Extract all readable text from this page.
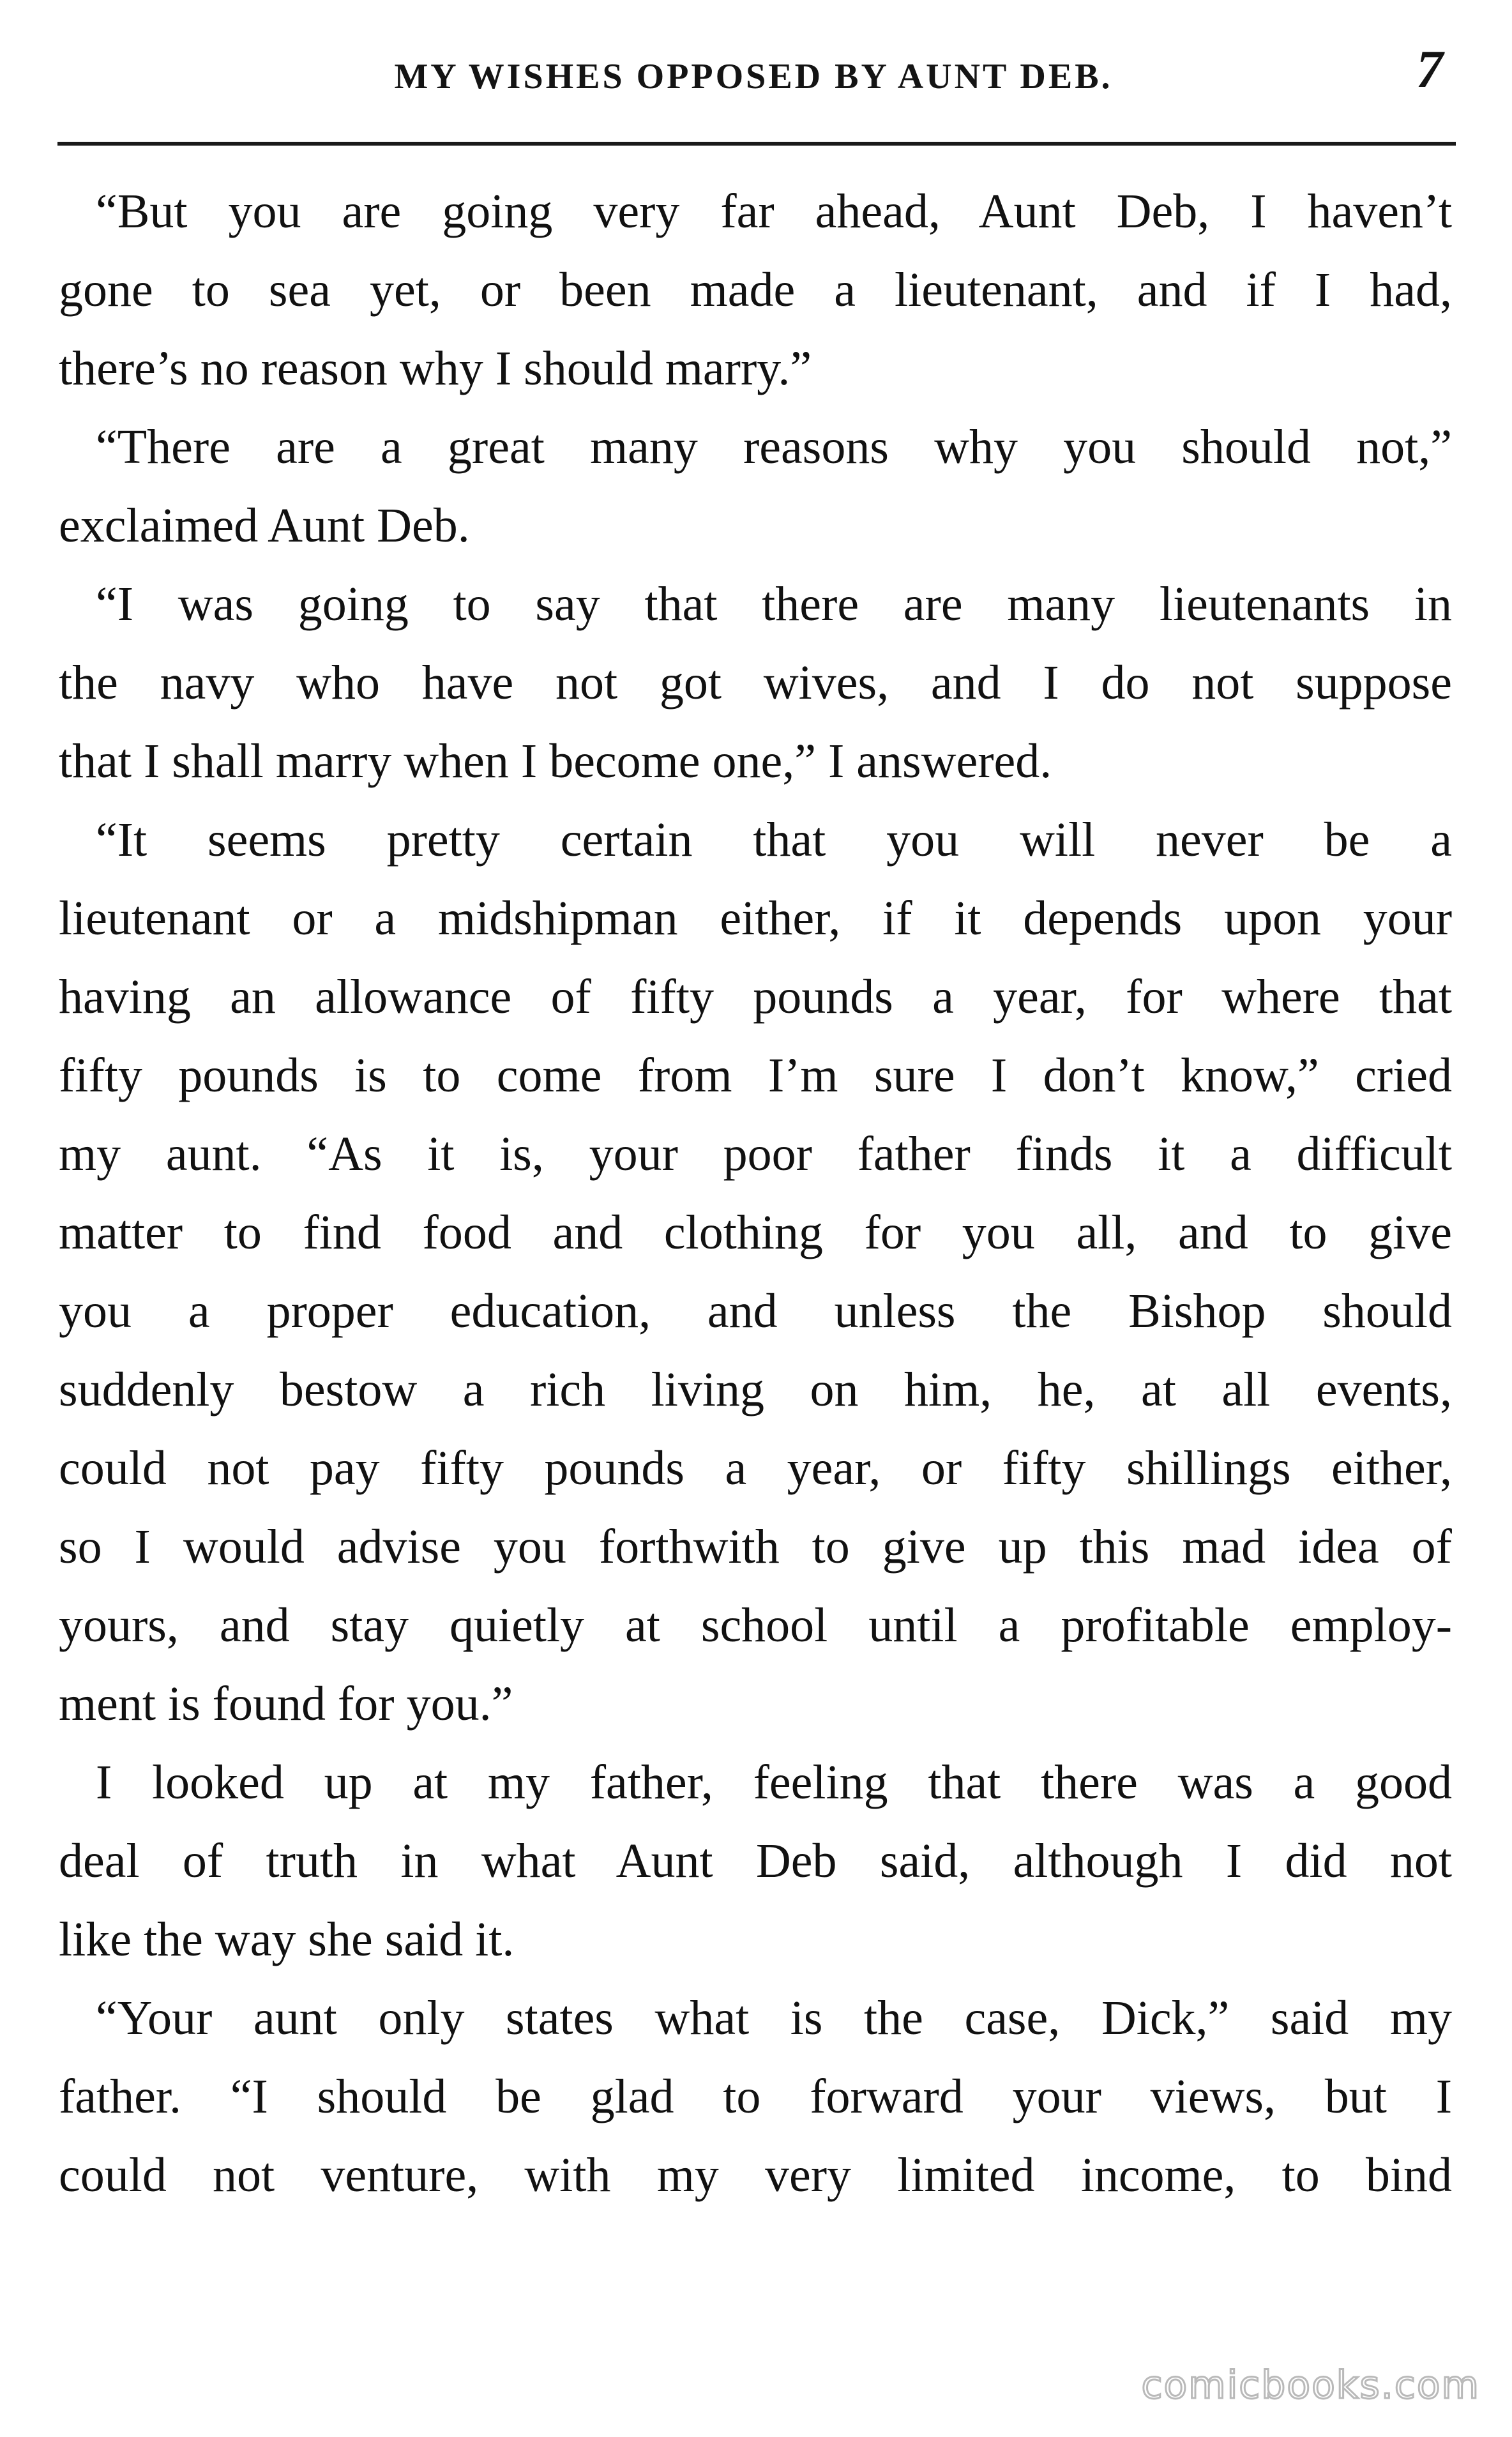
MY WISHES OPPOSED BY AUNT DEB.	7

“But you are going very far ahead, Aunt Deb, I haven’t
gone to sea yet, or been made a lieutenant, and if I had,
there’s no reason why I should marry.”

“There are a great many reasons why you should not,”
exclaimed Aunt Deb.

“I was going to say that there are many lieutenants in
the navy who have not got wives, and I do not suppose
that I shall marry when I become one,” I answered.

“It seems pretty certain that you will never be a
lieutenant or a midshipman either, if it depends upon your
having an allowance of fifty pounds a year, for where that
fifty pounds is to come from I’m sure I don’t know,” cried
my aunt. “As it is, your poor father finds it a difficult
matter to find food and clothing for you all, and to give
you a proper education, and unless the Bishop should
suddenly bestow a rich living on him, he, at all events,
could not pay fifty pounds a year, or fifty shillings either,
so I would advise you forthwith to give up this mad idea of
yours, and stay quietly at school until a profitable employ-
ment is found for you.”

I looked up at my father, feeling that there was a good
deal of truth in what Aunt Deb said, although I did not
like the way she said it.

“Your aunt only states what is the case, Dick,” said my
father. “I should be glad to forward your views, but I
could not venture, with my very limited income, to bind

comicbooks.com
